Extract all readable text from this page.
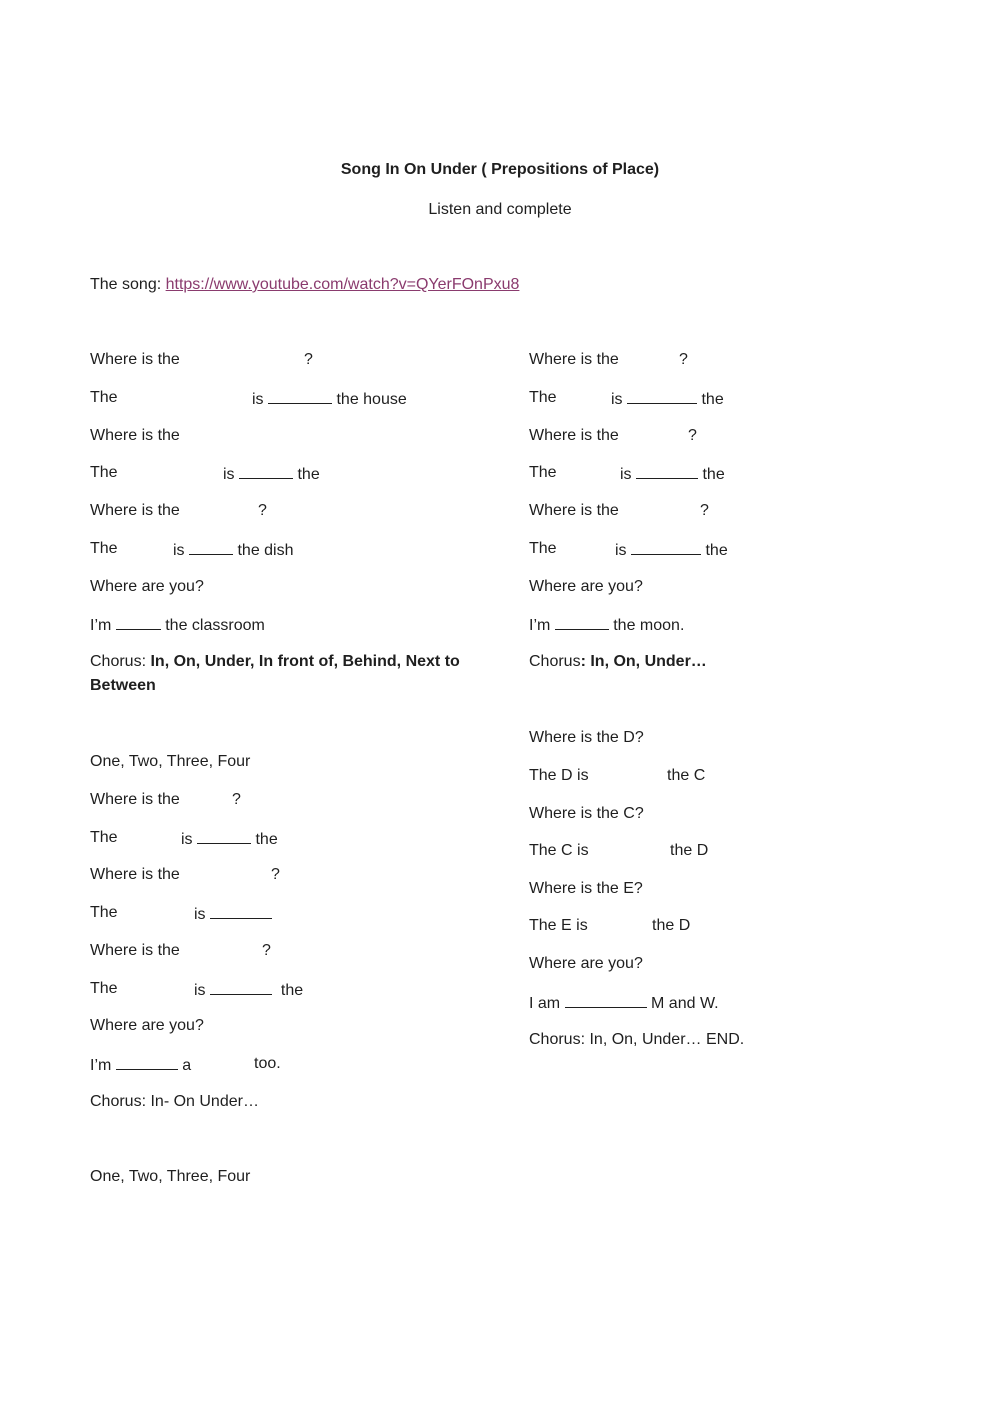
Song In On Under ( Prepositions of Place)
Listen and complete
The song: https://www.youtube.com/watch?v=QYerFOnPxu8
Where is the	?
The	is	the house
Where is the
The	is	the
Where is the	?
The	is	the dish
Where are you?
I’m	the classroom
Chorus: In, On, Under, In front of, Behind, Next to Between
One, Two, Three, Four
Where is the	?
The	is	the
Where is the	?
The	is
Where is the	?
The	is	the
Where are you?
I’m	a	too.
Chorus: In- On Under…
One, Two, Three, Four
Where is the	?
The	is	the
Where is the	?
The	is	the
Where is the	?
The	is	the
Where are you?
I’m	the moon.
Chorus: In, On, Under…
Where is the D?
The D is	the C
Where is the C?
The C is	the D
Where is the E?
The E is	the D
Where are you?
I am	M and W.
Chorus: In, On, Under… END.
